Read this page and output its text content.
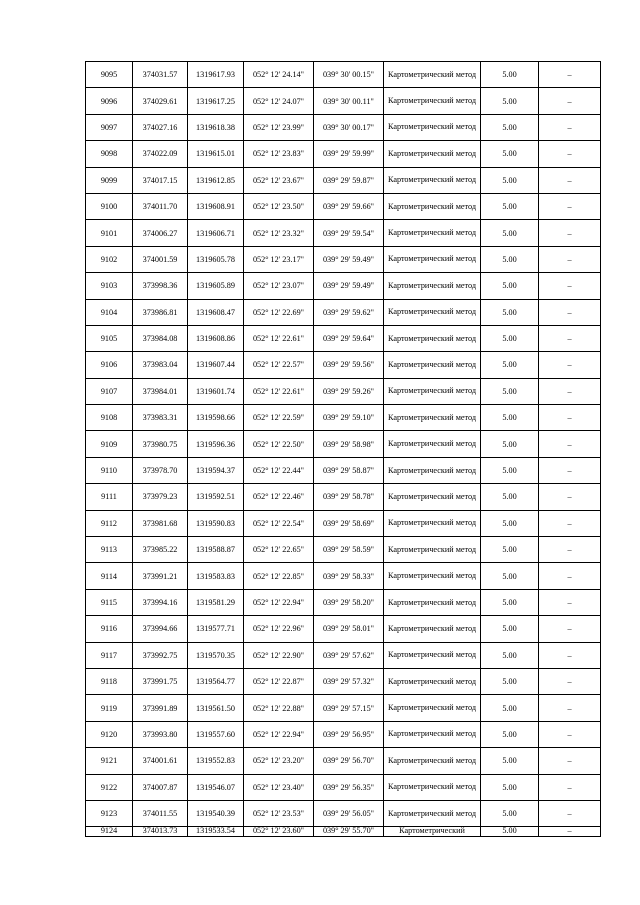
9095	374031.57	1319617.93	052° 12' 24.14"	039° 30' 00.15"	Картометрический метод	5.00	–
9096	374029.61	1319617.25	052° 12' 24.07"	039° 30' 00.11"	Картометрический метод	5.00	–
9097	374027.16	1319618.38	052° 12' 23.99"	039° 30' 00.17"	Картометрический метод	5.00	–
9098	374022.09	1319615.01	052° 12' 23.83"	039° 29' 59.99"	Картометрический метод	5.00	–
9099	374017.15	1319612.85	052° 12' 23.67"	039° 29' 59.87"	Картометрический метод	5.00	–
9100	374011.70	1319608.91	052° 12' 23.50"	039° 29' 59.66"	Картометрический метод	5.00	–
9101	374006.27	1319606.71	052° 12' 23.32"	039° 29' 59.54"	Картометрический метод	5.00	–
9102	374001.59	1319605.78	052° 12' 23.17"	039° 29' 59.49"	Картометрический метод	5.00	–
9103	373998.36	1319605.89	052° 12' 23.07"	039° 29' 59.49"	Картометрический метод	5.00	–
9104	373986.81	1319608.47	052° 12' 22.69"	039° 29' 59.62"	Картометрический метод	5.00	–
9105	373984.08	1319608.86	052° 12' 22.61"	039° 29' 59.64"	Картометрический метод	5.00	–
9106	373983.04	1319607.44	052° 12' 22.57"	039° 29' 59.56"	Картометрический метод	5.00	–
9107	373984.01	1319601.74	052° 12' 22.61"	039° 29' 59.26"	Картометрический метод	5.00	–
9108	373983.31	1319598.66	052° 12' 22.59"	039° 29' 59.10"	Картометрический метод	5.00	–
9109	373980.75	1319596.36	052° 12' 22.50"	039° 29' 58.98"	Картометрический метод	5.00	–
9110	373978.70	1319594.37	052° 12' 22.44"	039° 29' 58.87"	Картометрический метод	5.00	–
9111	373979.23	1319592.51	052° 12' 22.46"	039° 29' 58.78"	Картометрический метод	5.00	–
9112	373981.68	1319590.83	052° 12' 22.54"	039° 29' 58.69"	Картометрический метод	5.00	–
9113	373985.22	1319588.87	052° 12' 22.65"	039° 29' 58.59"	Картометрический метод	5.00	–
9114	373991.21	1319583.83	052° 12' 22.85"	039° 29' 58.33"	Картометрический метод	5.00	–
9115	373994.16	1319581.29	052° 12' 22.94"	039° 29' 58.20"	Картометрический метод	5.00	–
9116	373994.66	1319577.71	052° 12' 22.96"	039° 29' 58.01"	Картометрический метод	5.00	–
9117	373992.75	1319570.35	052° 12' 22.90"	039° 29' 57.62"	Картометрический метод	5.00	–
9118	373991.75	1319564.77	052° 12' 22.87"	039° 29' 57.32"	Картометрический метод	5.00	–
9119	373991.89	1319561.50	052° 12' 22.88"	039° 29' 57.15"	Картометрический метод	5.00	–
9120	373993.80	1319557.60	052° 12' 22.94"	039° 29' 56.95"	Картометрический метод	5.00	–
9121	374001.61	1319552.83	052° 12' 23.20"	039° 29' 56.70"	Картометрический метод	5.00	–
9122	374007.87	1319546.07	052° 12' 23.40"	039° 29' 56.35"	Картометрический метод	5.00	–
9123	374011.55	1319540.39	052° 12' 23.53"	039° 29' 56.05"	Картометрический метод	5.00	–
9124	374013.73	1319533.54	052° 12' 23.60"	039° 29' 55.70"	Картометрический	5.00	–
